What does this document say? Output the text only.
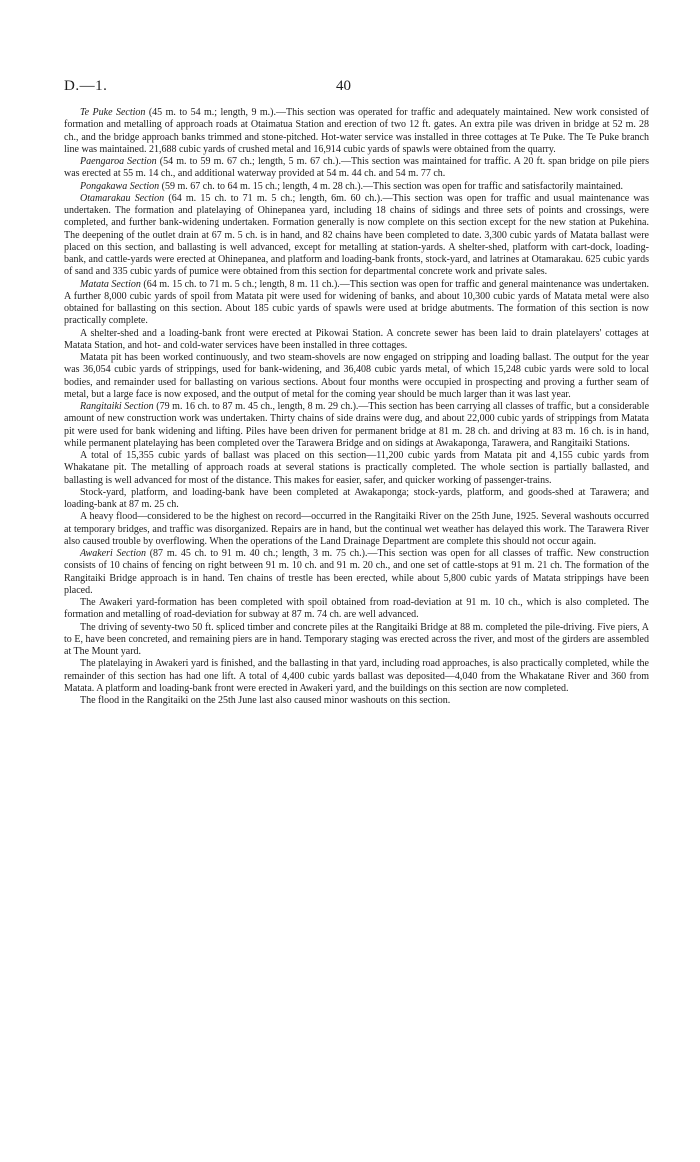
D.—1.	40

Te Puke Section (45 m. to 54 m.; length, 9 m.).—This section was operated for traffic and adequately maintained. New work consisted of formation and metalling of approach roads at Otaimatua Station and erection of two 12 ft. gates. An extra pile was driven in bridge at 52 m. 28 ch., and the bridge approach banks trimmed and stone-pitched. Hot-water service was installed in three cottages at Te Puke. The Te Puke branch line was maintained. 21,688 cubic yards of crushed metal and 16,914 cubic yards of spawls were obtained from the quarry.

Paengaroa Section (54 m. to 59 m. 67 ch.; length, 5 m. 67 ch.).—This section was maintained for traffic. A 20 ft. span bridge on pile piers was erected at 55 m. 14 ch., and additional waterway provided at 54 m. 44 ch. and 54 m. 77 ch.

Pongakawa Section (59 m. 67 ch. to 64 m. 15 ch.; length, 4 m. 28 ch.).—This section was open for traffic and satisfactorily maintained.

Otamarakau Section (64 m. 15 ch. to 71 m. 5 ch.; length, 6m. 60 ch.).—This section was open for traffic and usual maintenance was undertaken. The formation and platelaying of Ohinepanea yard, including 18 chains of sidings and three sets of points and crossings, were completed, and further bank-widening undertaken. Formation generally is now complete on this section except for the new station at Pukehina. The deepening of the outlet drain at 67 m. 5 ch. is in hand, and 82 chains have been completed to date. 3,300 cubic yards of Matata ballast were placed on this section, and ballasting is well advanced, except for metalling at station-yards. A shelter-shed, platform with cart-dock, loading-bank, and cattle-yards were erected at Ohinepanea, and platform and loading-bank fronts, stock-yard, and latrines at Otamarakau. 625 cubic yards of sand and 335 cubic yards of pumice were obtained from this section for departmental concrete work and private sales.

Matata Section (64 m. 15 ch. to 71 m. 5 ch.; length, 8 m. 11 ch.).—This section was open for traffic and general maintenance was undertaken. A further 8,000 cubic yards of spoil from Matata pit were used for widening of banks, and about 10,300 cubic yards of Matata metal were also obtained for ballasting on this section. About 185 cubic yards of spawls were used at bridge abutments. The formation of this section is now practically complete.

A shelter-shed and a loading-bank front were erected at Pikowai Station. A concrete sewer has been laid to drain platelayers' cottages at Matata Station, and hot- and cold-water services have been installed in three cottages.

Matata pit has been worked continuously, and two steam-shovels are now engaged on stripping and loading ballast. The output for the year was 36,054 cubic yards of strippings, used for bank-widening, and 36,408 cubic yards metal, of which 15,248 cubic yards were sold to local bodies, and remainder used for ballasting on various sections. About four months were occupied in prospecting and proving a further seam of metal, but a large face is now exposed, and the output of metal for the coming year should be much larger than it was last year.

Rangitaiki Section (79 m. 16 ch. to 87 m. 45 ch., length, 8 m. 29 ch.).—This section has been carrying all classes of traffic, but a considerable amount of new construction work was undertaken. Thirty chains of side drains were dug, and about 22,000 cubic yards of strippings from Matata pit were used for bank widening and lifting. Piles have been driven for permanent bridge at 81 m. 28 ch. and driving at 83 m. 16 ch. is in hand, while permanent platelaying has been completed over the Tarawera Bridge and on sidings at Awakaponga, Tarawera, and Rangitaiki Stations.

A total of 15,355 cubic yards of ballast was placed on this section—11,200 cubic yards from Matata pit and 4,155 cubic yards from Whakatane pit. The metalling of approach roads at several stations is practically completed. The whole section is partially ballasted, and ballasting is well advanced for most of the distance. This makes for easier, safer, and quicker working of passenger-trains.

Stock-yard, platform, and loading-bank have been completed at Awakaponga; stock-yards, platform, and goods-shed at Tarawera; and loading-bank at 87 m. 25 ch.

A heavy flood—considered to be the highest on record—occurred in the Rangitaiki River on the 25th June, 1925. Several washouts occurred at temporary bridges, and traffic was disorganized. Repairs are in hand, but the continual wet weather has delayed this work. The Tarawera River also caused trouble by overflowing. When the operations of the Land Drainage Department are complete this should not occur again.

Awakeri Section (87 m. 45 ch. to 91 m. 40 ch.; length, 3 m. 75 ch.).—This section was open for all classes of traffic. New construction consists of 10 chains of fencing on right between 91 m. 10 ch. and 91 m. 20 ch., and one set of cattle-stops at 91 m. 21 ch. The formation of the Rangitaiki Bridge approach is in hand. Ten chains of trestle has been erected, while about 5,800 cubic yards of Matata strippings have been placed.

The Awakeri yard-formation has been completed with spoil obtained from road-deviation at 91 m. 10 ch., which is also completed. The formation and metalling of road-deviation for subway at 87 m. 74 ch. are well advanced.

The driving of seventy-two 50 ft. spliced timber and concrete piles at the Rangitaiki Bridge at 88 m. completed the pile-driving. Five piers, A to E, have been concreted, and remaining piers are in hand. Temporary staging was erected across the river, and most of the girders are assembled at The Mount yard.

The platelaying in Awakeri yard is finished, and the ballasting in that yard, including road approaches, is also practically completed, while the remainder of this section has had one lift. A total of 4,400 cubic yards ballast was deposited—4,040 from the Whakatane River and 360 from Matata. A platform and loading-bank front were erected in Awakeri yard, and the buildings on this section are now completed.

The flood in the Rangitaiki on the 25th June last also caused minor washouts on this section.
